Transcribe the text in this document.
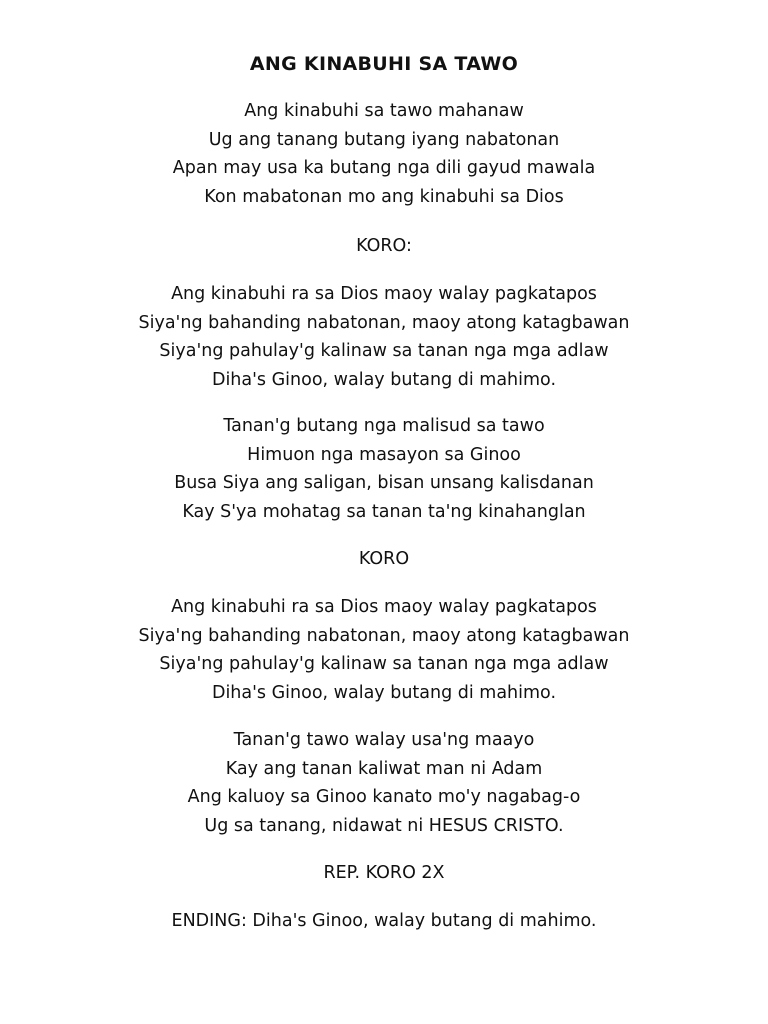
ANG KINABUHI SA TAWO
Ang kinabuhi sa tawo mahanaw
Ug ang tanang butang iyang nabatonan
Apan may usa ka butang nga dili gayud mawala
Kon mabatonan mo ang kinabuhi sa Dios
KORO:
Ang kinabuhi ra sa Dios maoy walay pagkatapos
Siya'ng bahanding nabatonan, maoy atong katagbawan
Siya'ng pahulay'g kalinaw sa tanan nga mga adlaw
Diha's Ginoo, walay butang di mahimo.
Tanan'g butang nga malisud sa tawo
Himuon nga masayon sa Ginoo
Busa Siya ang saligan, bisan unsang kalisdanan
Kay S'ya mohatag sa tanan ta'ng kinahanglan
KORO
Ang kinabuhi ra sa Dios maoy walay pagkatapos
Siya'ng bahanding nabatonan, maoy atong katagbawan
Siya'ng pahulay'g kalinaw sa tanan nga mga adlaw
Diha's Ginoo, walay butang di mahimo.
Tanan'g tawo walay usa'ng maayo
Kay ang tanan kaliwat man ni Adam
Ang kaluoy sa Ginoo kanato mo'y nagabag-o
Ug sa tanang, nidawat ni HESUS CRISTO.
REP. KORO 2X
ENDING: Diha's Ginoo, walay butang di mahimo.
